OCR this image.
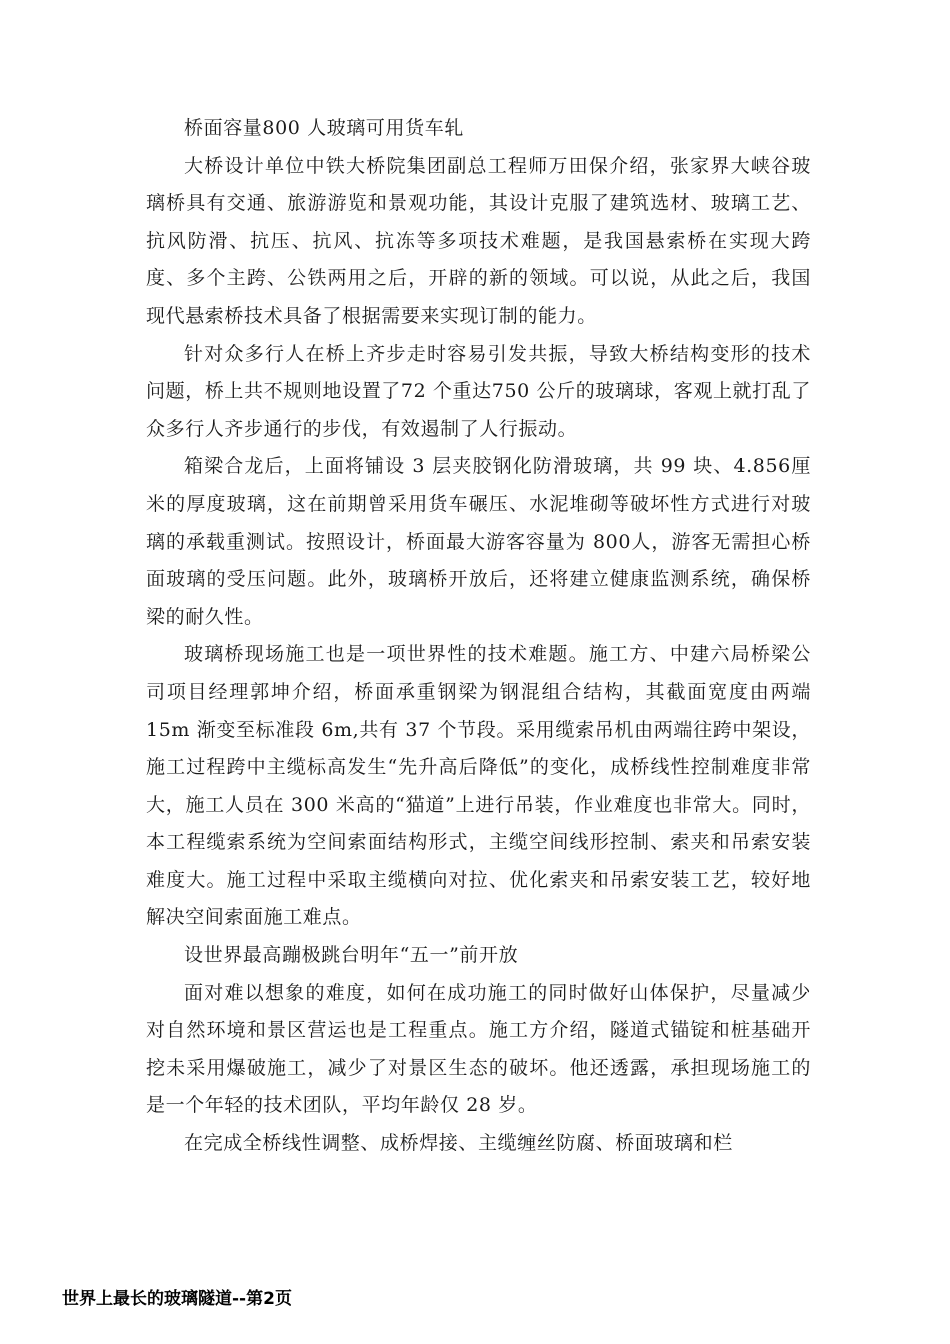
桥面容量800 人玻璃可用货车轧

大桥设计单位中铁大桥院集团副总工程师万田保介绍，张家界大峡谷玻璃桥具有交通、旅游游览和景观功能，其设计克服了建筑选材、玻璃工艺、抗风防滑、抗压、抗风、抗冻等多项技术难题，是我国悬索桥在实现大跨度、多个主跨、公铁两用之后，开辟的新的领域。可以说，从此之后，我国现代悬索桥技术具备了根据需要来实现订制的能力。

针对众多行人在桥上齐步走时容易引发共振，导致大桥结构变形的技术问题，桥上共不规则地设置了72 个重达750 公斤的玻璃球，客观上就打乱了众多行人齐步通行的步伐，有效遏制了人行振动。

箱梁合龙后，上面将铺设 3 层夹胶钢化防滑玻璃，共 99 块、4.856厘米的厚度玻璃，这在前期曾采用货车碾压、水泥堆砌等破坏性方式进行对玻璃的承载重测试。按照设计，桥面最大游客容量为 800人，游客无需担心桥面玻璃的受压问题。此外，玻璃桥开放后，还将建立健康监测系统，确保桥梁的耐久性。

玻璃桥现场施工也是一项世界性的技术难题。施工方、中建六局桥梁公司项目经理郭坤介绍，桥面承重钢梁为钢混组合结构，其截面宽度由两端 15m 渐变至标准段 6m,共有 37 个节段。采用缆索吊机由两端往跨中架设，施工过程跨中主缆标高发生“先升高后降低”的变化，成桥线性控制难度非常大，施工人员在 300 米高的“猫道”上进行吊装，作业难度也非常大。同时，本工程缆索系统为空间索面结构形式，主缆空间线形控制、索夹和吊索安装难度大。施工过程中采取主缆横向对拉、优化索夹和吊索安装工艺，较好地解决空间索面施工难点。

设世界最高蹦极跳台明年“五一”前开放

面对难以想象的难度，如何在成功施工的同时做好山体保护，尽量减少对自然环境和景区营运也是工程重点。施工方介绍，隧道式锚锭和桩基础开挖未采用爆破施工，减少了对景区生态的破坏。他还透露，承担现场施工的是一个年轻的技术团队，平均年龄仅 28 岁。

在完成全桥线性调整、成桥焊接、主缆缠丝防腐、桥面玻璃和栏

世界上最长的玻璃隧道--第2页
